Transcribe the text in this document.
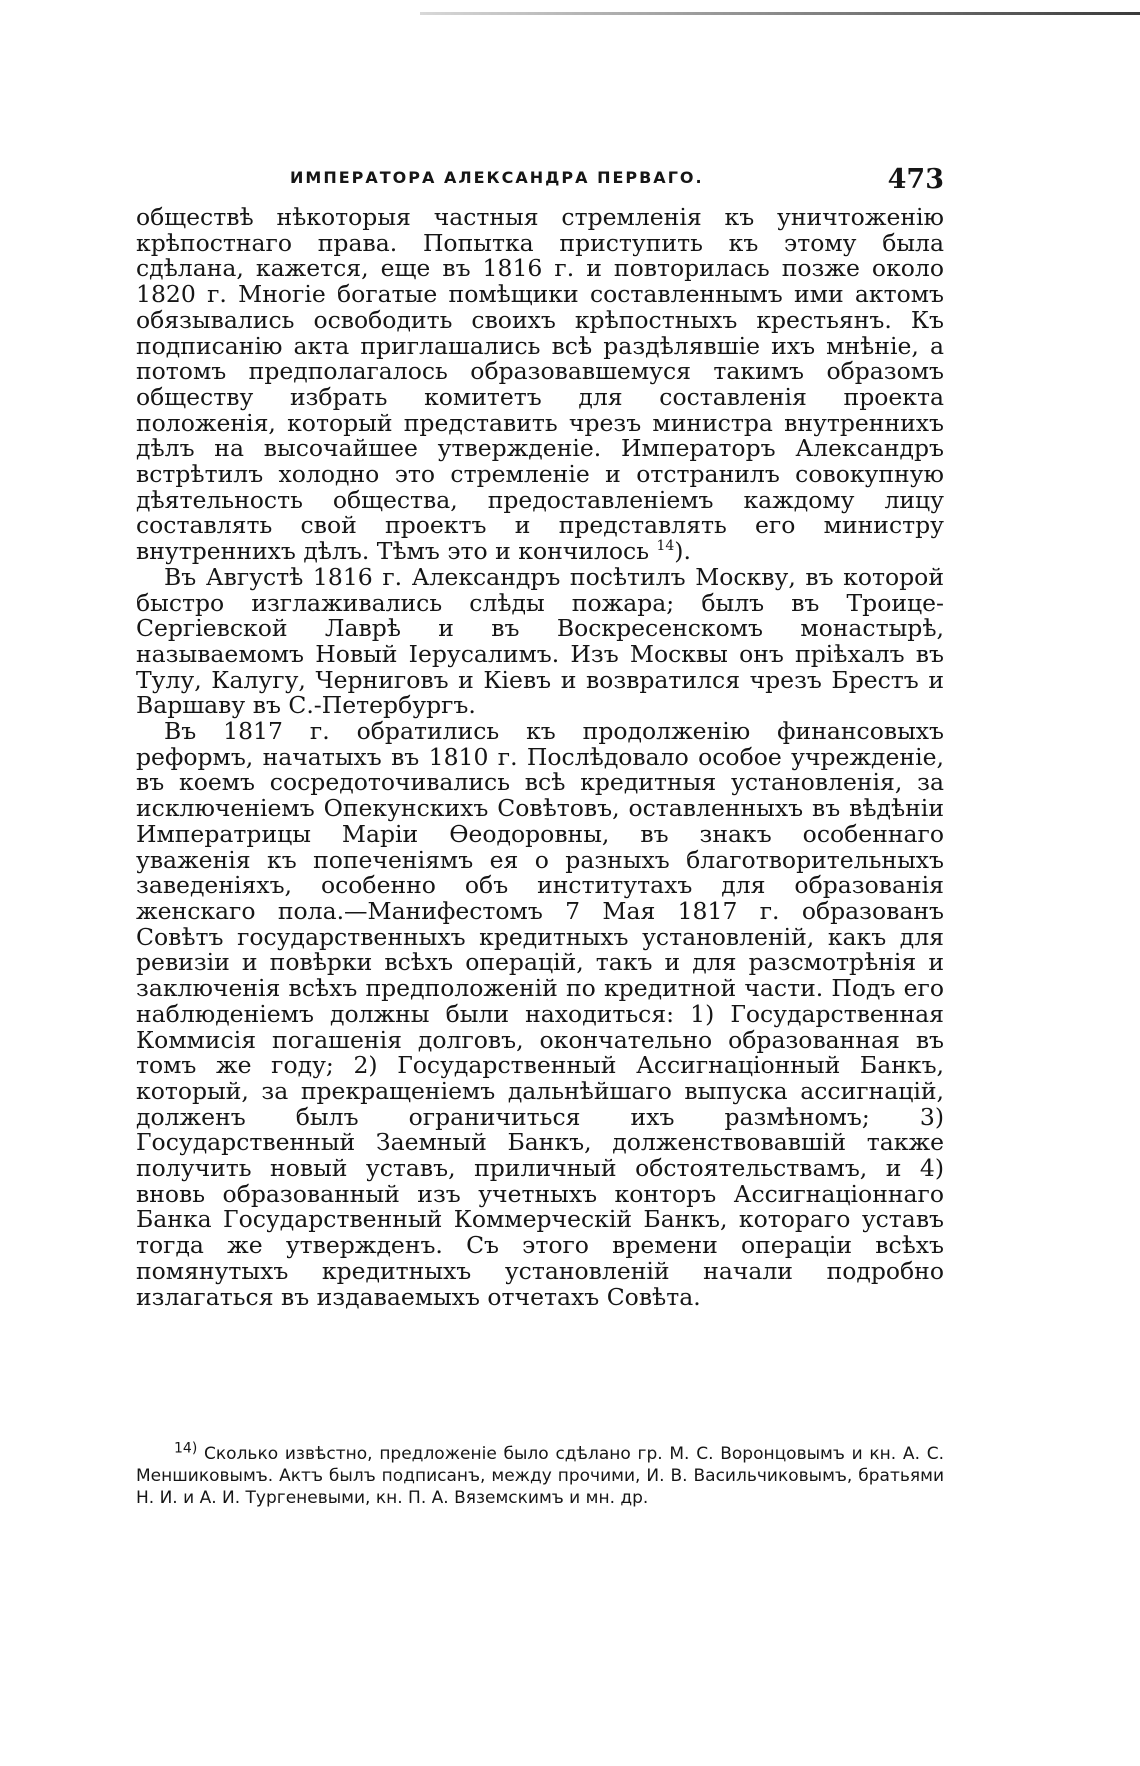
ИМПЕРАТОРА АЛЕКСАНДРА ПЕРВАГО.	473

обществѣ нѣкоторыя частныя стремленія къ уничтоженію крѣпостнаго права. Попытка приступить къ этому была сдѣлана, кажется, еще въ 1816 г. и повторилась позже около 1820 г. Многіе богатые помѣщики составленнымъ ими актомъ обязывались освободить своихъ крѣпостныхъ крестьянъ. Къ подписанію акта приглашались всѣ раздѣлявшіе ихъ мнѣніе, а потомъ предполагалось образовавшемуся такимъ образомъ обществу избрать комитетъ для составленія проекта положенія, который представить чрезъ министра внутреннихъ дѣлъ на высочайшее утвержденіе. Императоръ Александръ встрѣтилъ холодно это стремленіе и отстранилъ совокупную дѣятельность общества, предоставленіемъ каждому лицу составлять свой проектъ и представлять его министру внутреннихъ дѣлъ. Тѣмъ это и кончилось $^{14}$).

Въ Августѣ 1816 г. Александръ посѣтилъ Москву, въ которой быстро изглаживались слѣды пожара; былъ въ Троице-Сергіевской Лаврѣ и въ Воскресенскомъ монастырѣ, называемомъ Новый Іерусалимъ. Изъ Москвы онъ пріѣхалъ въ Тулу, Калугу, Черниговъ и Кіевъ и возвратился чрезъ Брестъ и Варшаву въ С.-Петербургъ.

Въ 1817 г. обратились къ продолженію финансовыхъ реформъ, начатыхъ въ 1810 г. Послѣдовало особое учрежденіе, въ коемъ сосредоточивались всѣ кредитныя установленія, за исключеніемъ Опекунскихъ Совѣтовъ, оставленныхъ въ вѣдѣніи Императрицы Маріи Ѳеодоровны, въ знакъ особеннаго уваженія къ попеченіямъ ея о разныхъ благотворительныхъ заведеніяхъ, особенно объ институтахъ для образованія женскаго пола.—Манифестомъ 7 Мая 1817 г. образованъ Совѣтъ государственныхъ кредитныхъ установленій, какъ для ревизіи и повѣрки всѣхъ операцій, такъ и для разсмотрѣнія и заключенія всѣхъ предположеній по кредитной части. Подъ его наблюденіемъ должны были находиться: 1) Государственная Коммисія погашенія долговъ, окончательно образованная въ томъ же году; 2) Государственный Ассигнаціонный Банкъ, который, за прекращеніемъ дальнѣйшаго выпуска ассигнацій, долженъ былъ ограничиться ихъ размѣномъ; 3) Государственный Заемный Банкъ, долженствовавшій также получить новый уставъ, приличный обстоятельствамъ, и 4) вновь образованный изъ учетныхъ конторъ Ассигнаціоннаго Банка Государственный Коммерческій Банкъ, котораго уставъ тогда же утвержденъ. Съ этого времени операціи всѣхъ помянутыхъ кредитныхъ установленій начали подробно излагаться въ издаваемыхъ отчетахъ Совѣта.

$^{14)}$ Сколько извѣстно, предложеніе было сдѣлано гр. М. С. Воронцовымъ и кн. А. С. Меншиковымъ. Актъ былъ подписанъ, между прочими, И. В. Васильчиковымъ, братьями Н. И. и А. И. Тургеневыми, кн. П. А. Вяземскимъ и мн. др.
